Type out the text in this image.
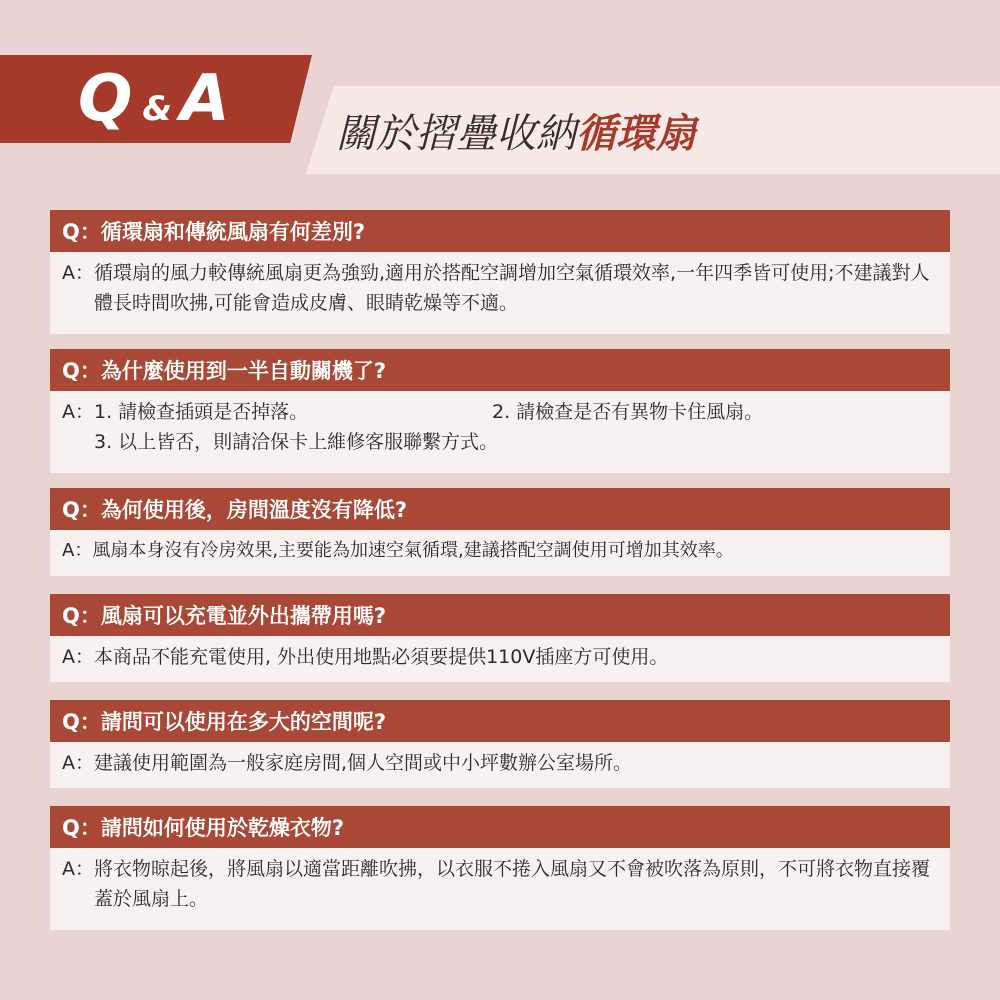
Q & A	關於摺疊收納 循環扇
Q： 循環扇和傳統風扇有何差別?
A： 循環扇的風力較傳統風扇更為強勁,適用於搭配空調增加空氣循環效率,一年四季皆可使用;不建議對人體長時間吹拂,可能會造成皮膚、眼睛乾燥等不適。
Q： 為什麼使用到一半自動關機了?
A： 1. 請檢查插頭是否掉落。	2. 請檢查是否有異物卡住風扇。
3. 以上皆否，則請洽保卡上維修客服聯繫方式。
Q： 為何使用後，房間溫度沒有降低?
A： 風扇本身沒有冷房效果,主要能為加速空氣循環,建議搭配空調使用可增加其效率。
Q： 風扇可以充電並外出攜帶用嗎?
A： 本商品不能充電使用, 外出使用地點必須要提供110V插座方可使用。
Q： 請問可以使用在多大的空間呢?
A： 建議使用範圍為一般家庭房間,個人空間或中小坪數辦公室場所。
Q： 請問如何使用於乾燥衣物?
A： 將衣物晾起後，將風扇以適當距離吹拂，以衣服不捲入風扇又不會被吹落為原則，不可將衣物直接覆蓋於風扇上。
